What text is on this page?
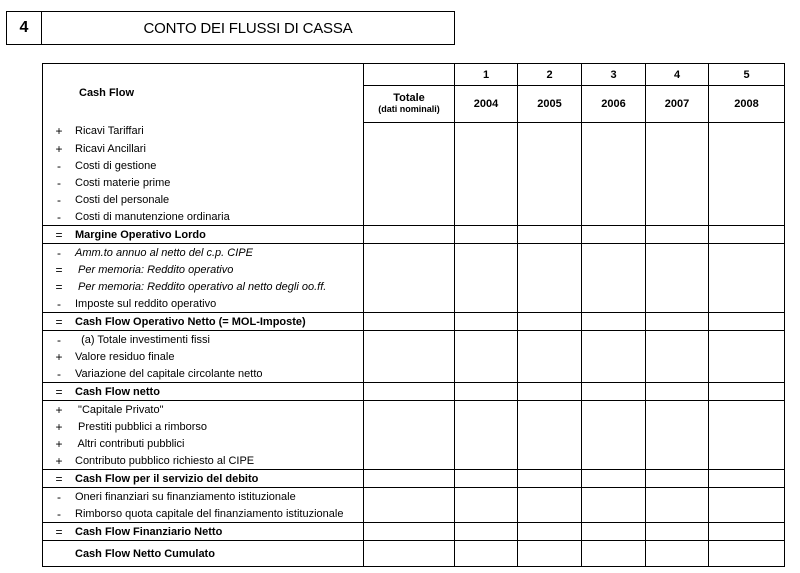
4	CONTO DEI FLUSSI DI CASSA
Cash Flow		1	2	3	4	5

	Totale
(dati nominali)	2004	2005	2006	2007	2008

+ Ricavi Tariffari						

+ Ricavi Ancillari						

- Costi di gestione						

- Costi materie prime						

- Costi del personale						

- Costi di manutenzione ordinaria						

= Margine Operativo Lordo						

- Amm.to annuo al netto del c.p. CIPE						

= Per memoria: Reddito operativo						

= Per memoria: Reddito operativo al netto degli oo.ff.						

- Imposte sul reddito operativo						

= Cash Flow Operativo Netto (= MOL-Imposte)						

- (a) Totale investimenti fissi						

+ Valore residuo finale						

- Variazione del capitale circolante netto						

= Cash Flow netto						

+ "Capitale Privato"						

+ Prestiti pubblici a rimborso						

+ Altri contributi pubblici						

+ Contributo pubblico richiesto al CIPE						

= Cash Flow per il servizio del debito						

- Oneri finanziari su finanziamento istituzionale						

- Rimborso quota capitale del finanziamento istituzionale						

= Cash Flow Finanziario Netto						

Cash Flow Netto Cumulato						
